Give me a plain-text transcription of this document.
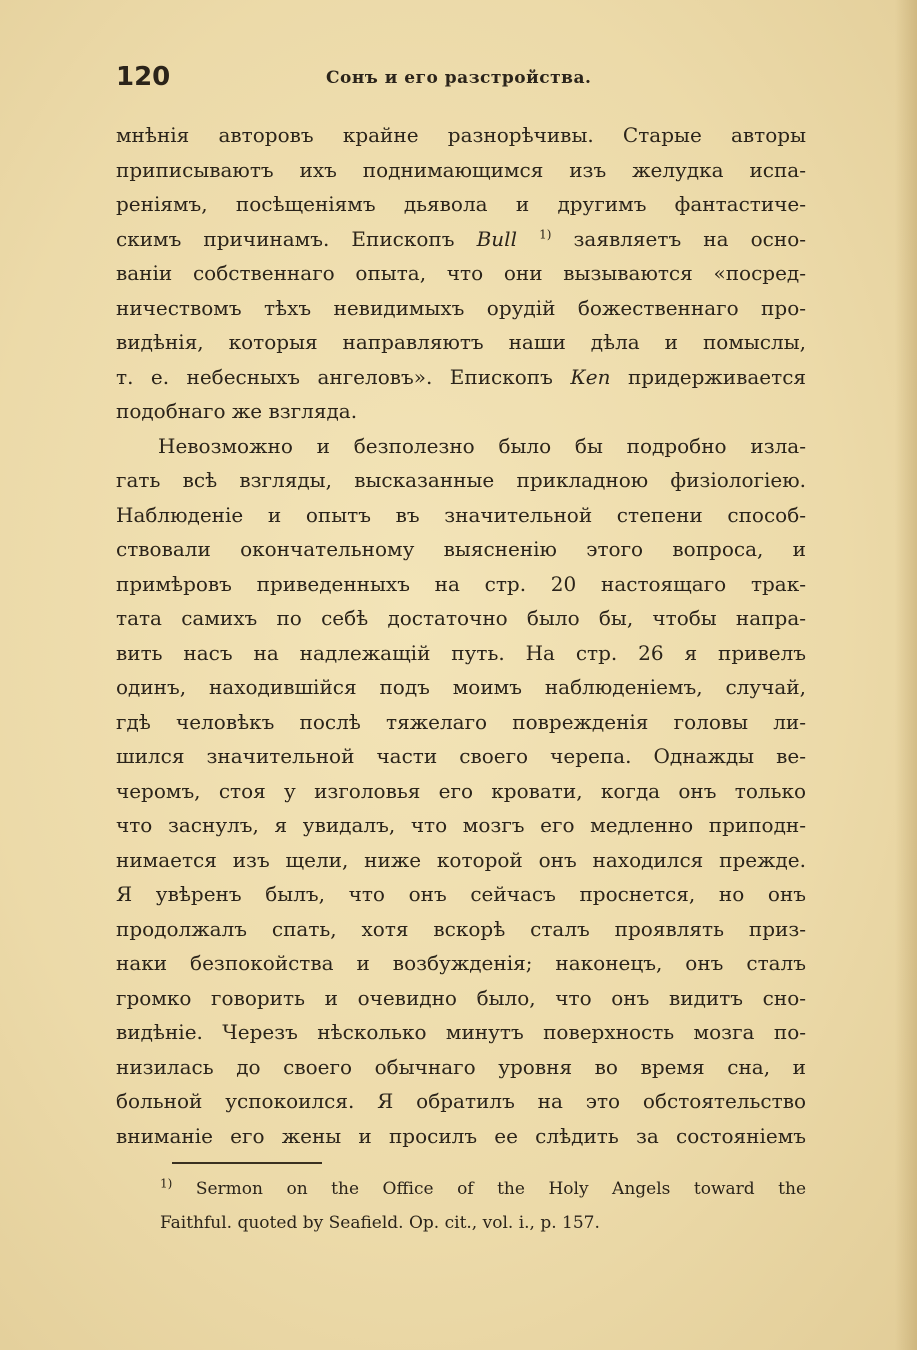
120	Сонъ и его разстройства.
мнѣнія авторовъ крайне разнорѣчивы. Старые авторы
приписываютъ ихъ поднимающимся изъ желудка испа-
реніямъ, посѣщеніямъ дьявола и другимъ фантастиче-
скимъ причинамъ. Епископъ Bull $^{1)}$ заявляетъ на осно-
ваніи собственнаго опыта, что они вызываются «посред-
ничествомъ тѣхъ невидимыхъ орудій божественнаго про-
видѣнія, которыя направляютъ наши дѣла и помыслы,
т. е. небесныхъ ангеловъ». Епископъ Кеn придерживается
подобнаго же взгляда.
Невозможно и безполезно было бы подробно изла-
гать всѣ взгляды, высказанные прикладною физіологіею.
Наблюденіе и опытъ въ значительной степени способ-
ствовали окончательному выясненію этого вопроса, и
примѣровъ приведенныхъ на стр. 20 настоящаго трак-
тата самихъ по себѣ достаточно было бы, чтобы напра-
вить насъ на надлежащій путь. На стр. 26 я привелъ
одинъ, находившійся подъ моимъ наблюденіемъ, случай,
гдѣ человѣкъ послѣ тяжелаго поврежденія головы ли-
шился значительной части своего черепа. Однажды ве-
черомъ, стоя у изголовья его кровати, когда онъ только
что заснулъ, я увидалъ, что мозгъ его медленно приподн-
нимается изъ щели, ниже которой онъ находился прежде.
Я увѣренъ былъ, что онъ сейчасъ проснется, но онъ
продолжалъ спать, хотя вскорѣ сталъ проявлять приз-
наки безпокойства и возбужденія; наконецъ, онъ сталъ
громко говорить и очевидно было, что онъ видитъ сно-
видѣніе. Черезъ нѣсколько минутъ поверхность мозга по-
низилась до своего обычнаго уровня во время сна, и
больной успокоился. Я обратилъ на это обстоятельство
вниманіе его жены и просилъ ее слѣдить за состояніемъ
$^{1)}$ Sermon on the Office of the Holy Angels toward the
Faithful. quoted by Seafield. Op. cit., vol. i., p. 157.
